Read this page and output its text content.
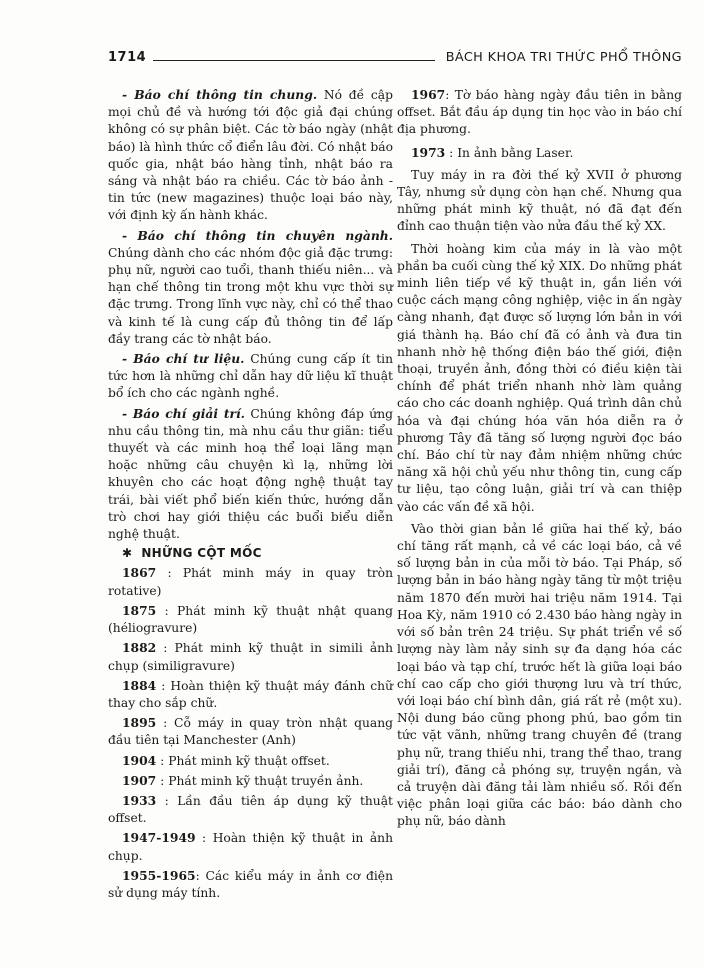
1714	BÁCH KHOA TRI THỨC PHỔ THÔNG

- Báo chí thông tin chung. Nó đề cập mọi chủ đề và hướng tới độc giả đại chúng không có sự phân biệt. Các tờ báo ngày (nhật báo) là hình thức cổ điển lâu đời. Có nhật báo quốc gia, nhật báo hàng tỉnh, nhật báo ra sáng và nhật báo ra chiều. Các tờ báo ảnh - tin tức (new magazines) thuộc loại báo này, với định kỳ ấn hành khác.

- Báo chí thông tin chuyên ngành. Chúng dành cho các nhóm độc giả đặc trưng: phụ nữ, người cao tuổi, thanh thiếu niên... và hạn chế thông tin trong một khu vực thời sự đặc trưng. Trong lĩnh vực này, chỉ có thể thao và kinh tế là cung cấp đủ thông tin để lấp đầy trang các tờ nhật báo.

- Báo chí tư liệu. Chúng cung cấp ít tin tức hơn là những chỉ dẫn hay dữ liệu kĩ thuật bổ ích cho các ngành nghề.

- Báo chí giải trí. Chúng không đáp ứng nhu cầu thông tin, mà nhu cầu thư giãn: tiểu thuyết và các minh hoạ thể loại lãng mạn hoặc những câu chuyện kì lạ, những lời khuyên cho các hoạt động nghệ thuật tay trái, bài viết phổ biến kiến thức, hướng dẫn trò chơi hay giới thiệu các buổi biểu diễn nghệ thuật.

✱  NHỮNG CỘT MỐC

1867 : Phát minh máy in quay tròn rotative)

1875 : Phát minh kỹ thuật nhật quang (héliogravure)

1882 : Phát minh kỹ thuật in simili ảnh chụp (similigravure)

1884 : Hoàn thiện kỹ thuật máy đánh chữ thay cho sắp chữ.

1895 : Cỗ máy in quay tròn nhật quang đầu tiên tại Manchester (Anh)

1904 : Phát minh kỹ thuật offset.

1907 : Phát minh kỹ thuật truyền ảnh.

1933 : Lần đầu tiên áp dụng kỹ thuật offset.

1947-1949 : Hoàn thiện kỹ thuật in ảnh chụp.

1955-1965: Các kiểu máy in ảnh cơ điện sử dụng máy tính.

1967: Tờ báo hàng ngày đầu tiên in bằng offset. Bắt đầu áp dụng tin học vào in báo chí địa phương.

1973 : In ảnh bằng Laser.

Tuy máy in ra đời thế kỷ XVII ở phương Tây, nhưng sử dụng còn hạn chế. Nhưng qua những phát minh kỹ thuật, nó đã đạt đến đỉnh cao thuận tiện vào nửa đầu thế kỷ XX.

Thời hoàng kim của máy in là vào một phần ba cuối cùng thế kỷ XIX. Do những phát minh liên tiếp về kỹ thuật in, gắn liền với cuộc cách mạng công nghiệp, việc in ấn ngày càng nhanh, đạt được số lượng lớn bản in với giá thành hạ. Báo chí đã có ảnh và đưa tin nhanh nhờ hệ thống điện báo thế giới, điện thoại, truyền ảnh, đồng thời có điều kiện tài chính để phát triển nhanh nhờ làm quảng cáo cho các doanh nghiệp. Quá trình dân chủ hóa và đại chúng hóa văn hóa diễn ra ở phương Tây đã tăng số lượng người đọc báo chí. Báo chí từ nay đảm nhiệm những chức năng xã hội chủ yếu như thông tin, cung cấp tư liệu, tạo công luận, giải trí và can thiệp vào các vấn đề xã hội.

Vào thời gian bản lề giữa hai thế kỷ, báo chí tăng rất mạnh, cả về các loại báo, cả về số lượng bản in của mỗi tờ báo. Tại Pháp, số lượng bản in báo hàng ngày tăng từ một triệu năm 1870 đến mười hai triệu năm 1914. Tại Hoa Kỳ, năm 1910 có 2.430 báo hàng ngày in với số bản trên 24 triệu. Sự phát triển về số lượng này làm nảy sinh sự đa dạng hóa các loại báo và tạp chí, trước hết là giữa loại báo chí cao cấp cho giới thượng lưu và trí thức, với loại báo chí bình dân, giá rất rẻ (một xu). Nội dung báo cũng phong phú, bao gồm tin tức vặt vãnh, những trang chuyên đề (trang phụ nữ, trang thiếu nhi, trang thể thao, trang giải trí), đăng cả phóng sự, truyện ngắn, và cả truyện dài đăng tải làm nhiều số. Rồi đến việc phân loại giữa các báo: báo dành cho phụ nữ, báo dành
